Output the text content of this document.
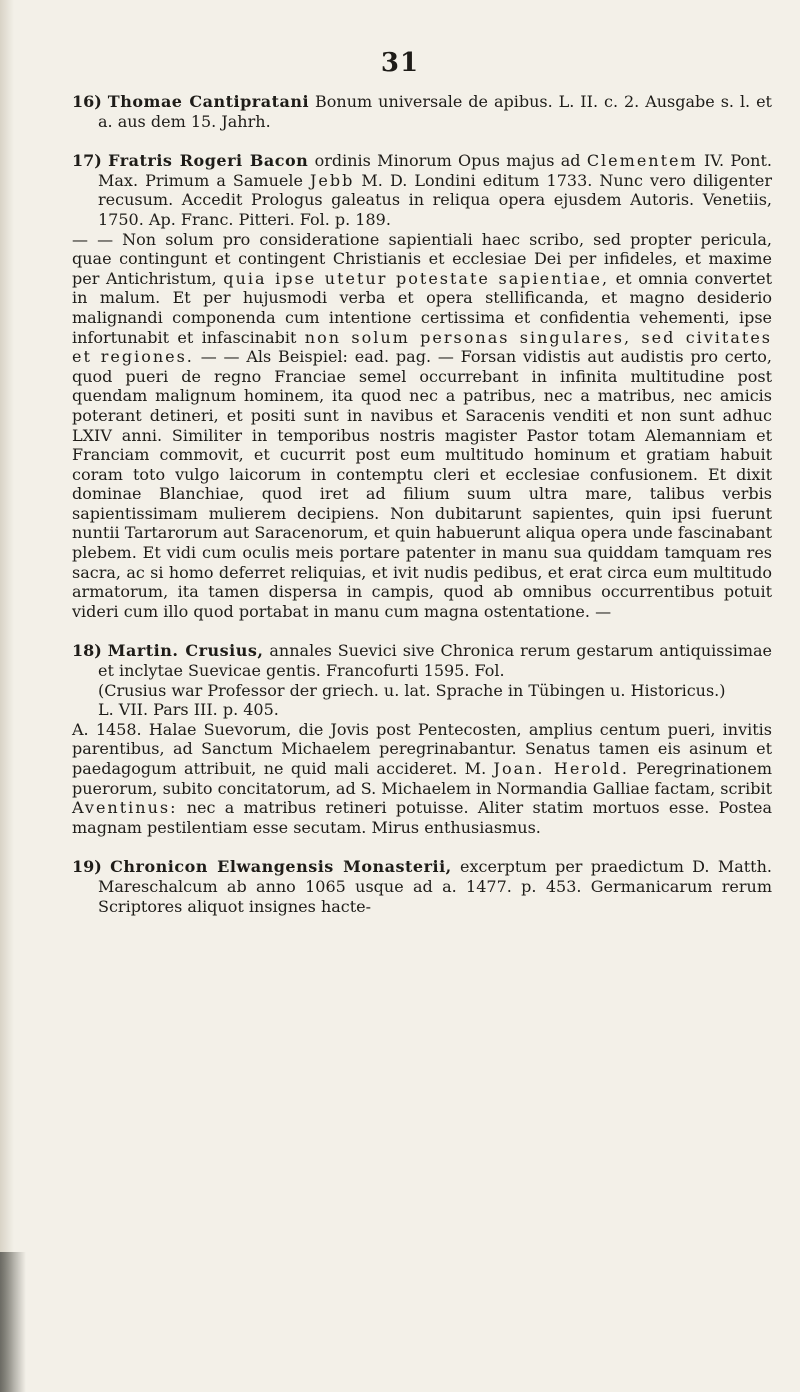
31

16) Thomae Cantipratani Bonum universale de apibus. L. II. c. 2. Ausgabe s. l. et a. aus dem 15. Jahrh.

17) Fratris Rogeri Bacon ordinis Minorum Opus majus ad Clementem IV. Pont. Max. Primum a Samuele Jebb M. D. Londini editum 1733. Nunc vero diligenter recusum. Accedit Prologus galeatus in reliqua opera ejusdem Autoris. Venetiis, 1750. Ap. Franc. Pitteri. Fol. p. 189.

— — Non solum pro consideratione sapientiali haec scribo, sed propter pericula, quae contingunt et contingent Christianis et ecclesiae Dei per infideles, et maxime per Antichristum, quia ipse utetur potestate sapientiae, et omnia convertet in malum. Et per hujusmodi verba et opera stellificanda, et magno desiderio malignandi componenda cum intentione certissima et confidentia vehementi, ipse infortunabit et infascinabit non solum personas singulares, sed civitates et regiones. — — Als Beispiel: ead. pag. — Forsan vidistis aut audistis pro certo, quod pueri de regno Franciae semel occurrebant in infinita multitudine post quendam malignum hominem, ita quod nec a patribus, nec a matribus, nec amicis poterant detineri, et positi sunt in navibus et Saracenis venditi et non sunt adhuc LXIV anni. Similiter in temporibus nostris magister Pastor totam Alemanniam et Franciam commovit, et cucurrit post eum multitudo hominum et gratiam habuit coram toto vulgo laicorum in contemptu cleri et ecclesiae confusionem. Et dixit dominae Blanchiae, quod iret ad filium suum ultra mare, talibus verbis sapientissimam mulierem decipiens. Non dubitarunt sapientes, quin ipsi fuerunt nuntii Tartarorum aut Saracenorum, et quin habuerunt aliqua opera unde fascinabant plebem. Et vidi cum oculis meis portare patenter in manu sua quiddam tamquam res sacra, ac si homo deferret reliquias, et ivit nudis pedibus, et erat circa eum multitudo armatorum, ita tamen dispersa in campis, quod ab omnibus occurrentibus potuit videri cum illo quod portabat in manu cum magna ostentatione. —

18) Martin. Crusius, annales Suevici sive Chronica rerum gestarum antiquissimae et inclytae Suevicae gentis. Francofurti 1595. Fol.

(Crusius war Professor der griech. u. lat. Sprache in Tübingen u. Historicus.)

L. VII. Pars III. p. 405.

A. 1458. Halae Suevorum, die Jovis post Pentecosten, amplius centum pueri, invitis parentibus, ad Sanctum Michaelem peregrinabantur. Senatus tamen eis asinum et paedagogum attribuit, ne quid mali accideret. M. Joan. Herold. Peregrinationem puerorum, subito concitatorum, ad S. Michaelem in Normandia Galliae factam, scribit Aventinus: nec a matribus retineri potuisse. Aliter statim mortuos esse. Postea magnam pestilentiam esse secutam. Mirus enthusiasmus.

19) Chronicon Elwangensis Monasterii, excerptum per praedictum D. Matth. Mareschalcum ab anno 1065 usque ad a. 1477. p. 453. Germanicarum rerum Scriptores aliquot insignes hacte-
